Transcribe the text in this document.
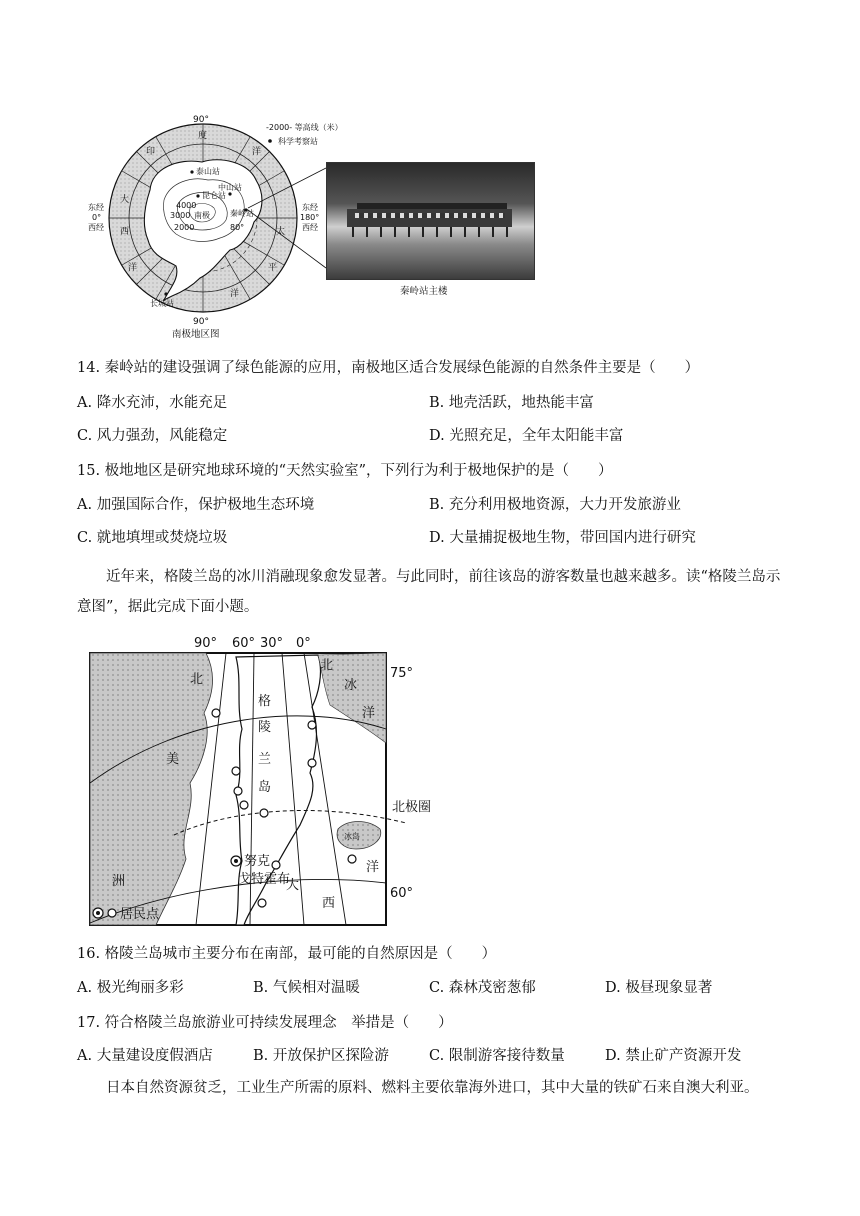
90°
90°
东经
0°
西经
东经
180°
西经
印
度
洋
大
西
洋
太
平
洋
-2000- 等高线（米）
科学考察站
泰山站
昆仑站
中山站
秦岭站
长城站
4000
3000
2000	80°
南极
南极地区图
秦岭站主楼
14. 秦岭站的建设强调了绿色能源的应用，南极地区适合发展绿色能源的自然条件主要是（　　）
A. 降水充沛，水能充足	B. 地壳活跃，地热能丰富
C. 风力强劲，风能稳定	D. 光照充足，全年太阳能丰富
15. 极地地区是研究地球环境的“天然实验室”，下列行为利于极地保护的是（　　）
A. 加强国际合作，保护极地生态环境	B. 充分利用极地资源，大力开发旅游业
C. 就地填埋或焚烧垃圾	D. 大量捕捉极地生物，带回国内进行研究
近年来，格陵兰岛的冰川消融现象愈发显著。与此同时，前往该岛的游客数量也越来越多。读“格陵兰岛示意图”，据此完成下面小题。
90° 60° 30° 0°
75°
60°
北极圈
北
美
洲
格
陵
兰
岛
北
冰
洋
大
西
洋
冰岛
努克
戈特霍布
居民点
16. 格陵兰岛城市主要分布在南部，最可能的自然原因是（　　）
A. 极光绚丽多彩	B. 气候相对温暖	C. 森林茂密葱郁	D. 极昼现象显著
17. 符合格陵兰岛旅游业可持续发展理念　举措是（　　）
A. 大量建设度假酒店	B. 开放保护区探险游	C. 限制游客接待数量	D. 禁止矿产资源开发
日本自然资源贫乏，工业生产所需的原料、燃料主要依靠海外进口，其中大量的铁矿石来自澳大利亚。
